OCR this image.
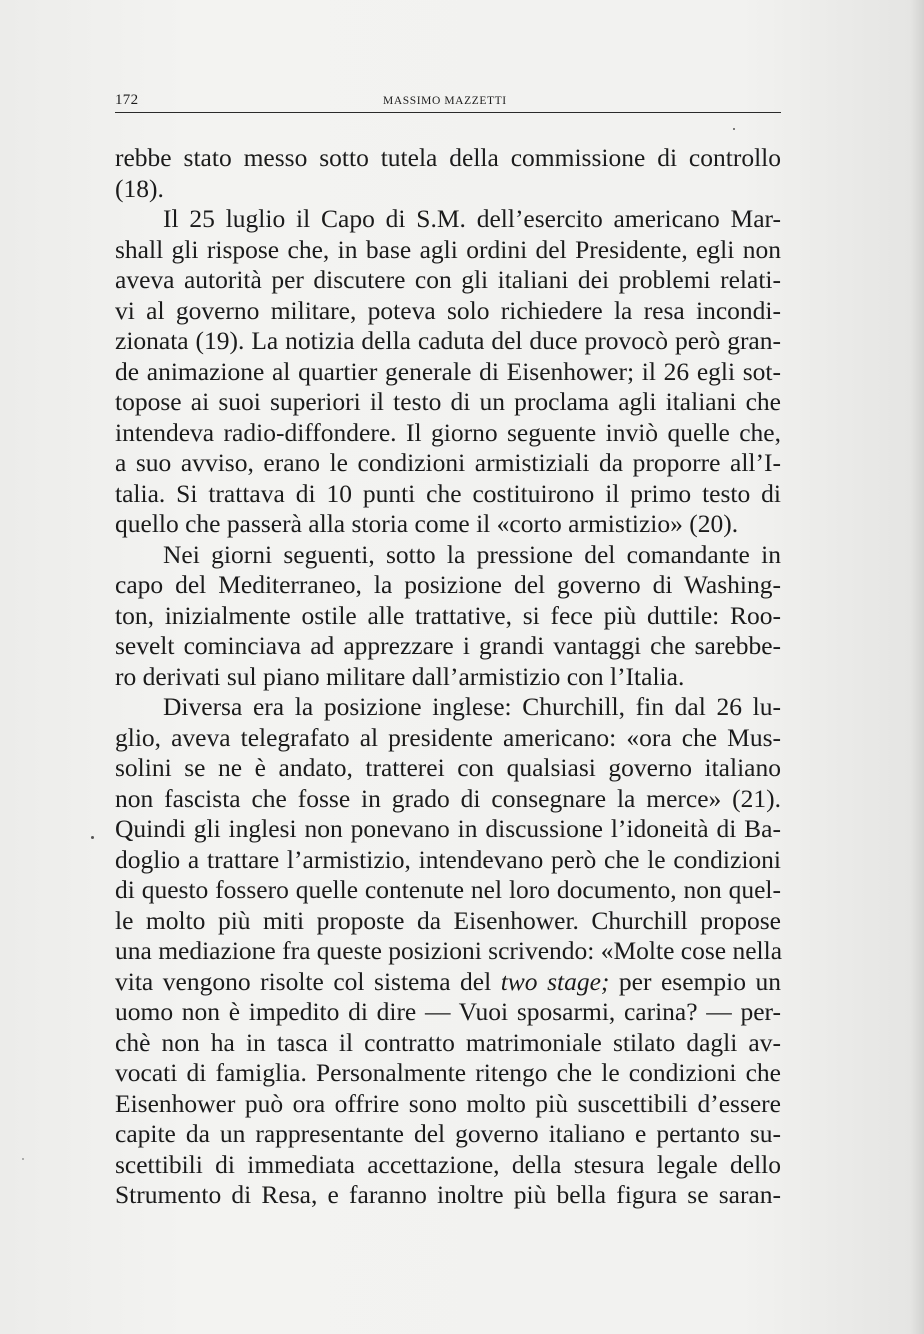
172	MASSIMO MAZZETTI

rebbe stato messo sotto tutela della commissione di controllo
(18).

Il 25 luglio il Capo di S.M. dell’esercito americano Mar-
shall gli rispose che, in base agli ordini del Presidente, egli non
aveva autorità per discutere con gli italiani dei problemi relati-
vi al governo militare, poteva solo richiedere la resa incondi-
zionata (19). La notizia della caduta del duce provocò però gran-
de animazione al quartier generale di Eisenhower; il 26 egli sot-
topose ai suoi superiori il testo di un proclama agli italiani che
intendeva radio-diffondere. Il giorno seguente inviò quelle che,
a suo avviso, erano le condizioni armistiziali da proporre all’I-
talia. Si trattava di 10 punti che costituirono il primo testo di
quello che passerà alla storia come il «corto armistizio» (20).

Nei giorni seguenti, sotto la pressione del comandante in
capo del Mediterraneo, la posizione del governo di Washing-
ton, inizialmente ostile alle trattative, si fece più duttile: Roo-
sevelt cominciava ad apprezzare i grandi vantaggi che sarebbe-
ro derivati sul piano militare dall’armistizio con l’Italia.

Diversa era la posizione inglese: Churchill, fin dal 26 lu-
glio, aveva telegrafato al presidente americano: «ora che Mus-
solini se ne è andato, tratterei con qualsiasi governo italiano
non fascista che fosse in grado di consegnare la merce» (21).
Quindi gli inglesi non ponevano in discussione l’idoneità di Ba-
doglio a trattare l’armistizio, intendevano però che le condizioni
di questo fossero quelle contenute nel loro documento, non quel-
le molto più miti proposte da Eisenhower. Churchill propose
una mediazione fra queste posizioni scrivendo: «Molte cose nella
vita vengono risolte col sistema del two stage; per esempio un
uomo non è impedito di dire — Vuoi sposarmi, carina? — per-
chè non ha in tasca il contratto matrimoniale stilato dagli av-
vocati di famiglia. Personalmente ritengo che le condizioni che
Eisenhower può ora offrire sono molto più suscettibili d’essere
capite da un rappresentante del governo italiano e pertanto su-
scettibili di immediata accettazione, della stesura legale dello
Strumento di Resa, e faranno inoltre più bella figura se saran-
